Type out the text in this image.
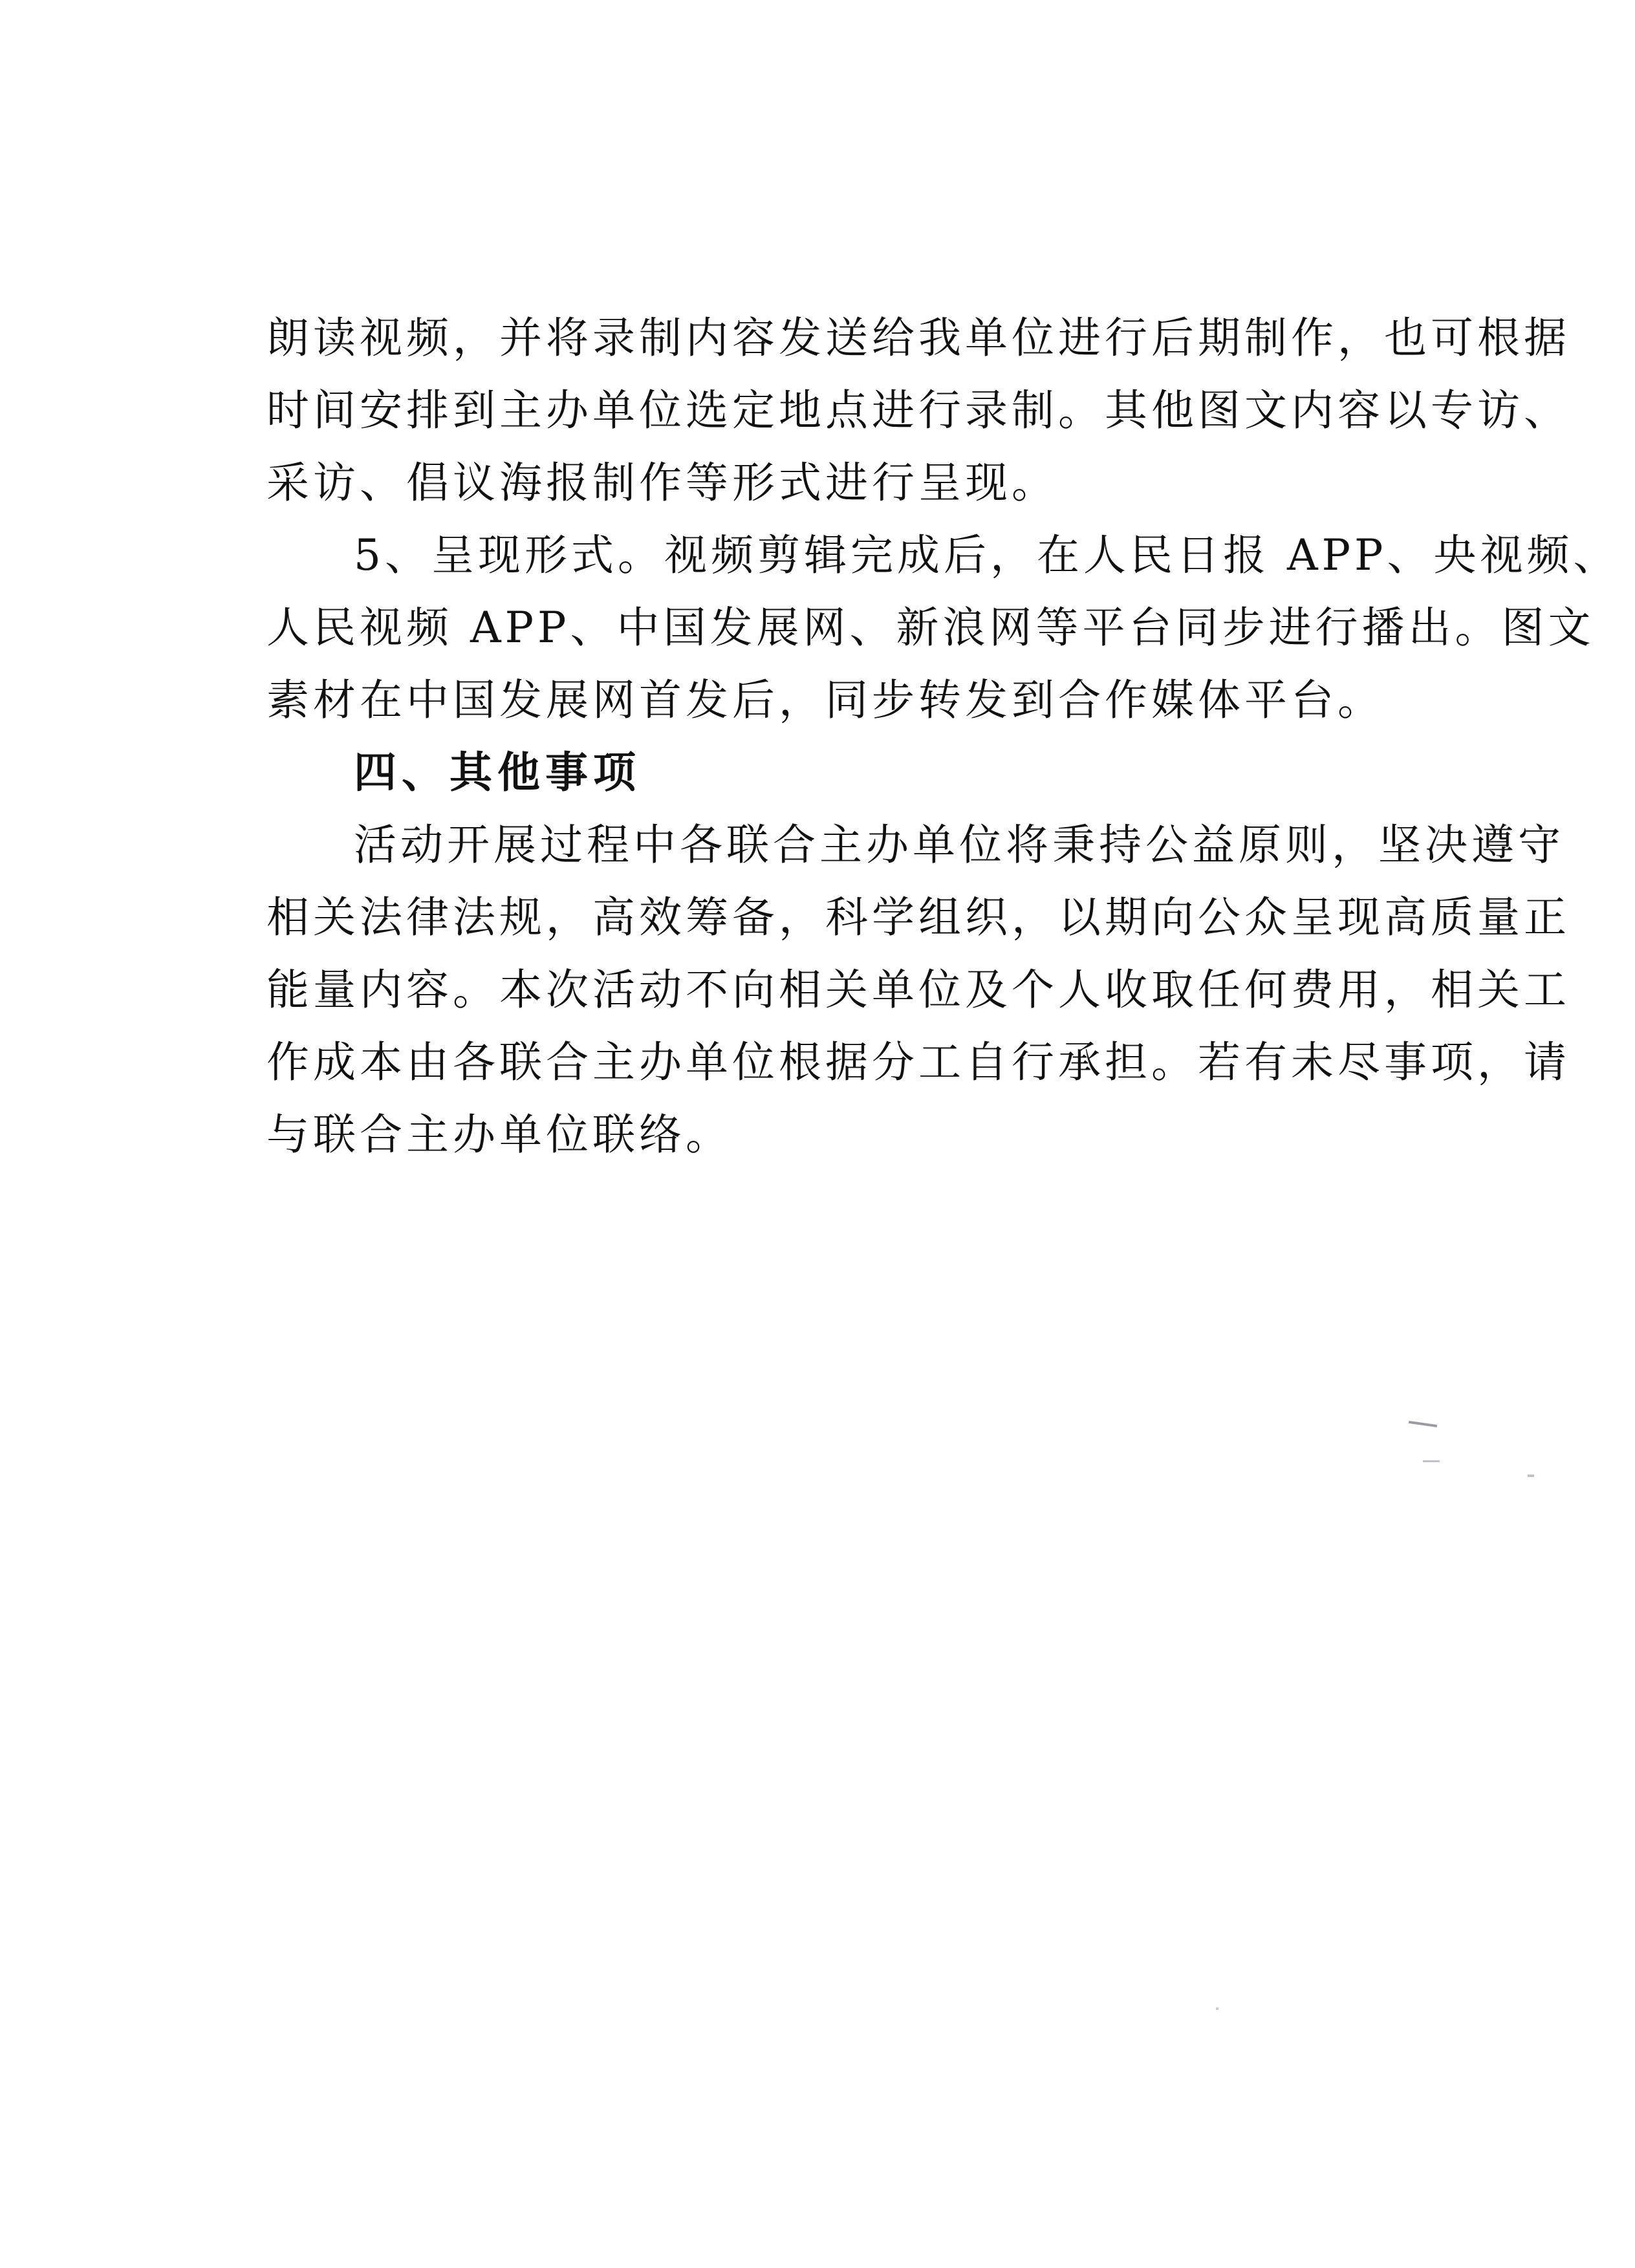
朗读视频，并将录制内容发送给我单位进行后期制作，也可根据
时间安排到主办单位选定地点进行录制。其他图文内容以专访、
采访、倡议海报制作等形式进行呈现。
5、呈现形式。视频剪辑完成后，在人民日报 APP、央视频、
人民视频 APP、中国发展网、新浪网等平台同步进行播出。图文
素材在中国发展网首发后，同步转发到合作媒体平台。
四、其他事项
活动开展过程中各联合主办单位将秉持公益原则，坚决遵守
相关法律法规，高效筹备，科学组织，以期向公众呈现高质量正
能量内容。本次活动不向相关单位及个人收取任何费用，相关工
作成本由各联合主办单位根据分工自行承担。若有未尽事项，请
与联合主办单位联络。
